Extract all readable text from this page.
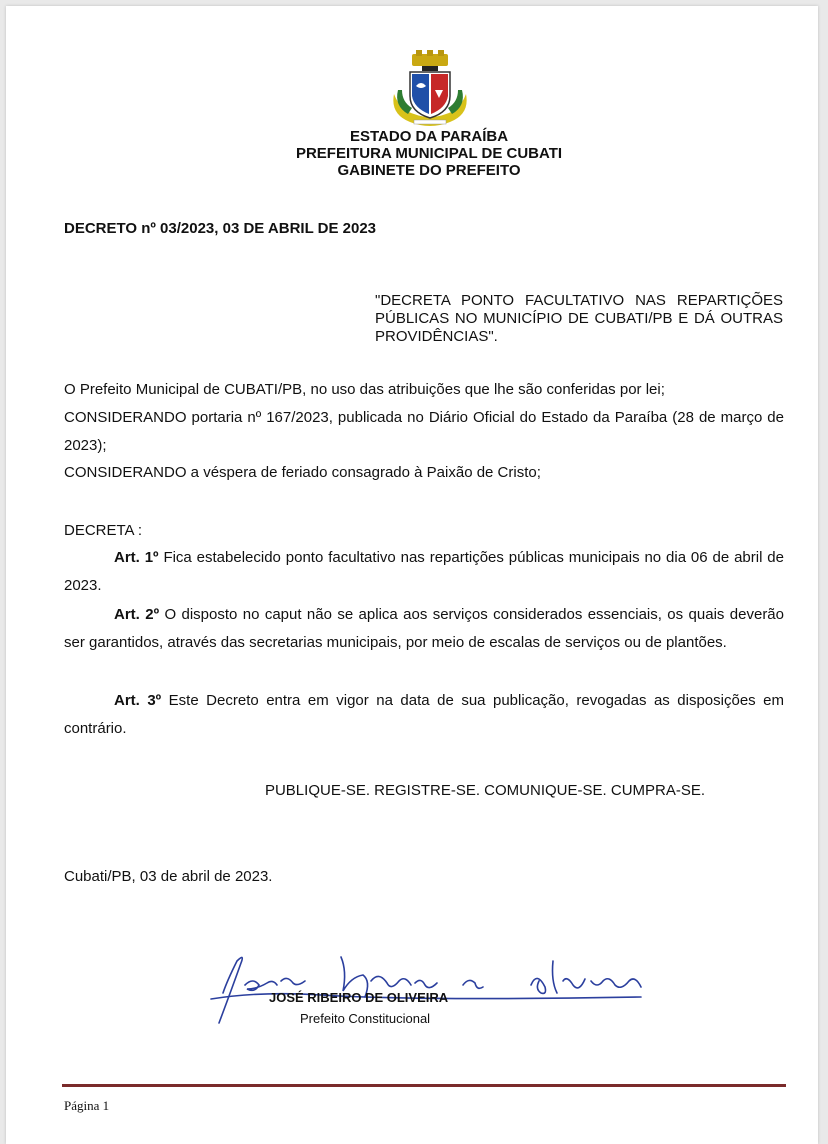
ESTADO DA PARAÍBA
PREFEITURA MUNICIPAL DE CUBATI
GABINETE DO PREFEITO
DECRETO nº 03/2023, 03 DE ABRIL DE 2023
"DECRETA PONTO FACULTATIVO NAS REPARTIÇÕES PÚBLICAS NO MUNICÍPIO DE CUBATI/PB E DÁ OUTRAS PROVIDÊNCIAS".
O Prefeito Municipal de CUBATI/PB, no uso das atribuições que lhe são conferidas por lei;
CONSIDERANDO portaria nº 167/2023, publicada no Diário Oficial do Estado da Paraíba (28 de março de 2023);
CONSIDERANDO a véspera de feriado consagrado à Paixão de Cristo;
DECRETA :
Art. 1º Fica estabelecido ponto facultativo nas repartições públicas municipais no dia 06 de abril de 2023.
Art. 2º O disposto no caput não se aplica aos serviços considerados essenciais, os quais deverão ser garantidos, através das secretarias municipais, por meio de escalas de serviços ou de plantões.
Art. 3º Este Decreto entra em vigor na data de sua publicação, revogadas as disposições em contrário.
PUBLIQUE-SE. REGISTRE-SE. COMUNIQUE-SE. CUMPRA-SE.
Cubati/PB, 03 de abril de 2023.
JOSÉ RIBEIRO DE OLIVEIRA
Prefeito Constitucional
Página 1
